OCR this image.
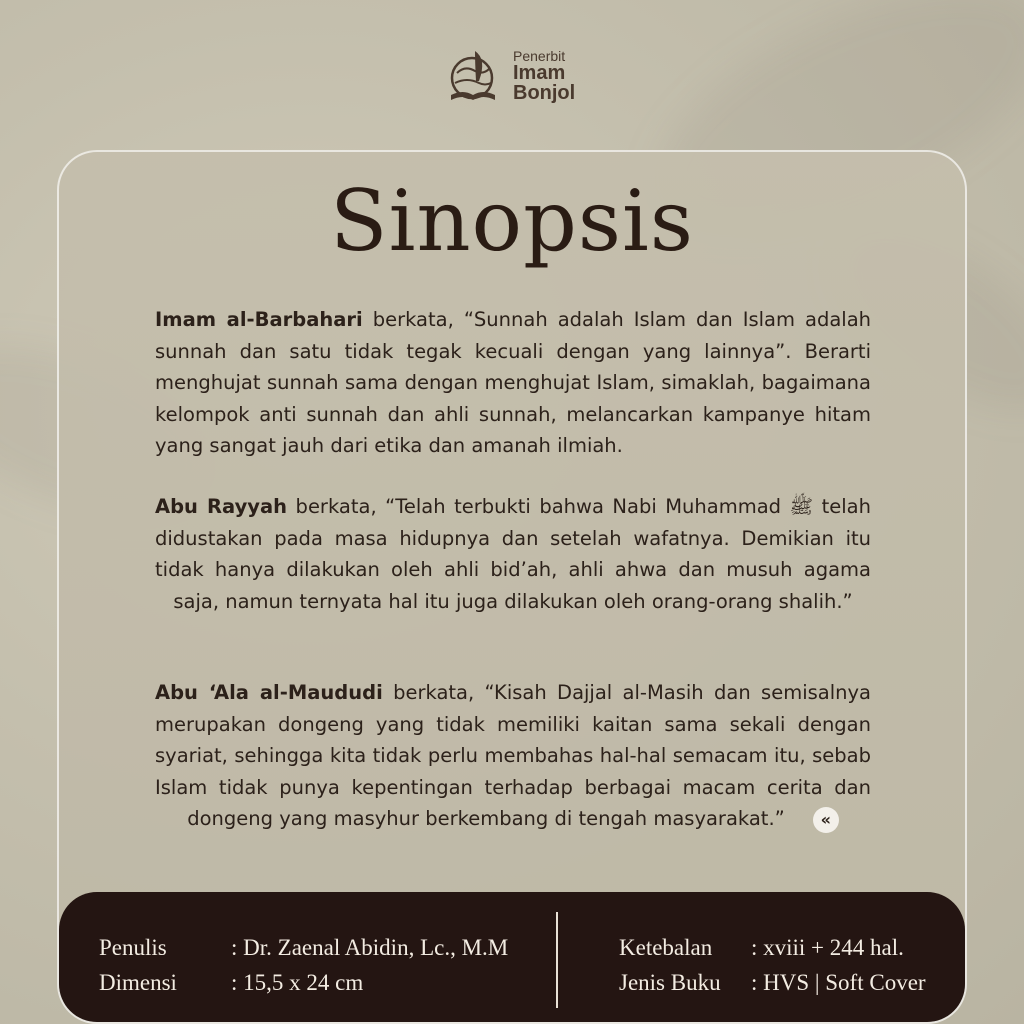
Penerbit
Imam
Bonjol
Sinopsis
Imam al-Barbahari berkata, “Sunnah adalah Islam dan Islam adalah sunnah dan satu tidak tegak kecuali dengan yang lainnya”. Berarti menghujat sunnah sama dengan menghujat Islam, simaklah, bagaimana kelompok anti sunnah dan ahli sunnah, melancarkan kampanye hitam yang sangat jauh dari etika dan amanah ilmiah.
Abu Rayyah berkata, “Telah terbukti bahwa Nabi Muhammad ﷺ telah didustakan pada masa hidupnya dan setelah wafatnya. Demikian itu tidak hanya dilakukan oleh ahli bid’ah, ahli ahwa dan musuh agama saja, namun ternyata hal itu juga dilakukan oleh orang-orang shalih.”
Abu ‘Ala al-Maududi berkata, “Kisah Dajjal al-Masih dan semisalnya merupakan dongeng yang tidak memiliki kaitan sama sekali dengan syariat, sehingga kita tidak perlu membahas hal-hal semacam itu, sebab Islam tidak punya kepentingan terhadap berbagai macam cerita dan dongeng yang masyhur berkembang di tengah masyarakat.” «
Penulis	: Dr. Zaenal Abidin, Lc., M.M
Dimensi	: 15,5 x 24 cm
Ketebalan	: xviii + 244 hal.
Jenis Buku	: HVS | Soft Cover
